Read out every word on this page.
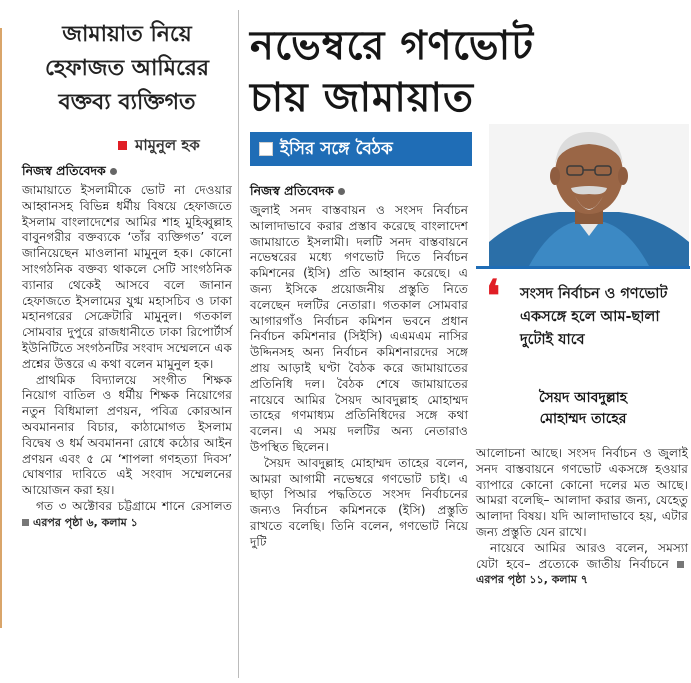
জামায়াত নিয়ে
হেফাজত আমিরের
বক্তব্য ব্যক্তিগত
মামুনুল হক
নিজস্ব প্রতিবেদক

জামায়াতে ইসলামীকে ভোট না দেওয়ার আহ্বানসহ বিভিন্ন ধর্মীয় বিষয়ে হেফাজতে ইসলাম বাংলাদেশের আমির শাহ মুহিব্বুল্লাহ বাবুনগরীর বক্তব্যকে ‘তাঁর ব্যক্তিগত’ বলে জানিয়েছেন মাওলানা মামুনুল হক। কোনো সাংগঠনিক বক্তব্য থাকলে সেটি সাংগঠনিক ব্যানার থেকেই আসবে বলে জানান হেফাজতে ইসলামের যুগ্ম মহাসচিব ও ঢাকা মহানগরের সেক্রেটারি মামুনুল। গতকাল সোমবার দুপুরে রাজধানীতে ঢাকা রিপোর্টার্স ইউনিটিতে সংগঠনটির সংবাদ সম্মেলনে এক প্রশ্নের উত্তরে এ কথা বলেন মামুনুল হক।

প্রাথমিক বিদ্যালয়ে সংগীত শিক্ষক নিয়োগ বাতিল ও ধর্মীয় শিক্ষক নিয়োগের নতুন বিধিমালা প্রণয়ন, পবিত্র কোরআন অবমাননার বিচার, কাঠামোগত ইসলাম বিদ্বেষ ও ধর্ম অবমাননা রোধে কঠোর আইন প্রণয়ন এবং ৫ মে ‘শাপলা গণহত্যা দিবস’ ঘোষণার দাবিতে এই সংবাদ সম্মেলনের আয়োজন করা হয়।

গত ৩ অক্টোবর চট্টগ্রামে শানে রেসালত এরপর পৃষ্ঠা ৬, কলাম ১

নভেম্বরে গণভোট
চায় জামায়াত
ইসির সঙ্গে বৈঠক
নিজস্ব প্রতিবেদক

জুলাই সনদ বাস্তবায়ন ও সংসদ নির্বাচন আলাদাভাবে করার প্রস্তাব করেছে বাংলাদেশ জামায়াতে ইসলামী। দলটি সনদ বাস্তবায়নে নভেম্বরের মধ্যে গণভোট দিতে নির্বাচন কমিশনের (ইসি) প্রতি আহ্বান করেছে। এ জন্য ইসিকে প্রয়োজনীয় প্রস্তুতি নিতে বলেছেন দলটির নেতারা। গতকাল সোমবার আগারগাঁও নির্বাচন কমিশন ভবনে প্রধান নির্বাচন কমিশনার (সিইসি) এএমএম নাসির উদ্দিনসহ অন্য নির্বাচন কমিশনারদের সঙ্গে প্রায় আড়াই ঘণ্টা বৈঠক করে জামায়াতের প্রতিনিধি দল। বৈঠক শেষে জামায়াতের নায়েবে আমির সৈয়দ আবদুল্লাহ মোহাম্মদ তাহের গণমাধ্যম প্রতিনিধিদের সঙ্গে কথা বলেন। এ সময় দলটির অন্য নেতারাও উপস্থিত ছিলেন।

সৈয়দ আবদুল্লাহ মোহাম্মদ তাহের বলেন, আমরা আগামী নভেম্বরে গণভোট চাই। এ ছাড়া পিআর পদ্ধতিতে সংসদ নির্বাচনের জন্যও নির্বাচন কমিশনকে (ইসি) প্রস্তুতি রাখতে বলেছি। তিনি বলেন, গণভোট নিয়ে দুটি

❛ সংসদ নির্বাচন ও গণভোট একসঙ্গে হলে আম-ছালা দুটোই যাবে
সৈয়দ আবদুল্লাহ
মোহাম্মদ তাহের

আলোচনা আছে। সংসদ নির্বাচন ও জুলাই সনদ বাস্তবায়নে গণভোট একসঙ্গে হওয়ার ব্যাপারে কোনো কোনো দলের মত আছে। আমরা বলেছি– আলাদা করার জন্য, যেহেতু আলাদা বিষয়। যদি আলাদাভাবে হয়, এটার জন্য প্রস্তুতি যেন রাখে।

নায়েবে আমির আরও বলেন, সমস্যা যেটা হবে– প্রত্যেকে জাতীয় নির্বাচনে এরপর পৃষ্ঠা ১১, কলাম ৭
